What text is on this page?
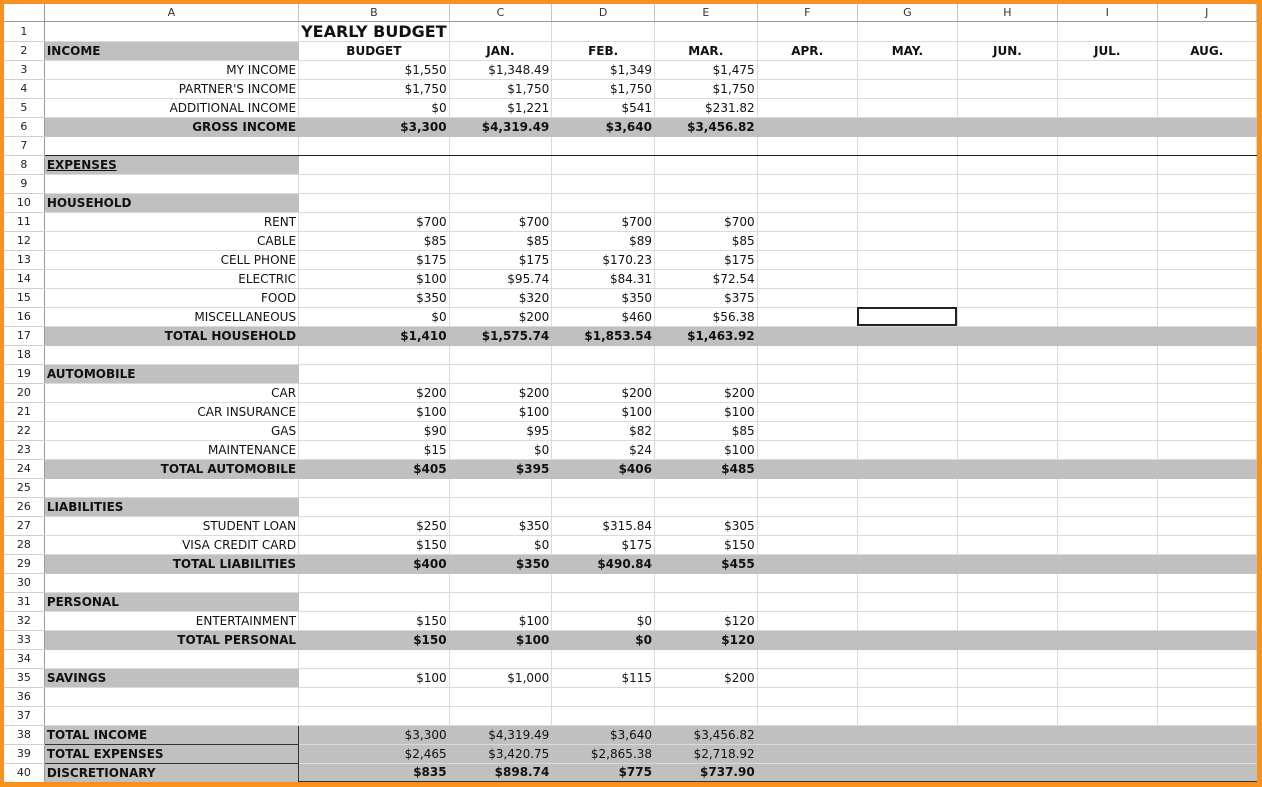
	A	B	C	D	E	F	G	H	I	J
1		YEARLY BUDGET								
2	INCOME	BUDGET	JAN.	FEB.	MAR.	APR.	MAY.	JUN.	JUL.	AUG.
3	MY INCOME	$1,550	$1,348.49	$1,349	$1,475					
4	PARTNER'S INCOME	$1,750	$1,750	$1,750	$1,750					
5	ADDITIONAL INCOME	$0	$1,221	$541	$231.82					
6	GROSS INCOME	$3,300	$4,319.49	$3,640	$3,456.82					
7										
8	EXPENSES									
9										
10	HOUSEHOLD									
11	RENT	$700	$700	$700	$700					
12	CABLE	$85	$85	$89	$85					
13	CELL PHONE	$175	$175	$170.23	$175					
14	ELECTRIC	$100	$95.74	$84.31	$72.54					
15	FOOD	$350	$320	$350	$375					
16	MISCELLANEOUS	$0	$200	$460	$56.38					
17	TOTAL HOUSEHOLD	$1,410	$1,575.74	$1,853.54	$1,463.92					
18										
19	AUTOMOBILE									
20	CAR	$200	$200	$200	$200					
21	CAR INSURANCE	$100	$100	$100	$100					
22	GAS	$90	$95	$82	$85					
23	MAINTENANCE	$15	$0	$24	$100					
24	TOTAL AUTOMOBILE	$405	$395	$406	$485					
25										
26	LIABILITIES									
27	STUDENT LOAN	$250	$350	$315.84	$305					
28	VISA CREDIT CARD	$150	$0	$175	$150					
29	TOTAL LIABILITIES	$400	$350	$490.84	$455					
30										
31	PERSONAL									
32	ENTERTAINMENT	$150	$100	$0	$120					
33	TOTAL PERSONAL	$150	$100	$0	$120					
34										
35	SAVINGS	$100	$1,000	$115	$200					
36										
37										
38	TOTAL INCOME	$3,300	$4,319.49	$3,640	$3,456.82					
39	TOTAL EXPENSES	$2,465	$3,420.75	$2,865.38	$2,718.92					
40	DISCRETIONARY	$835	$898.74	$775	$737.90					
